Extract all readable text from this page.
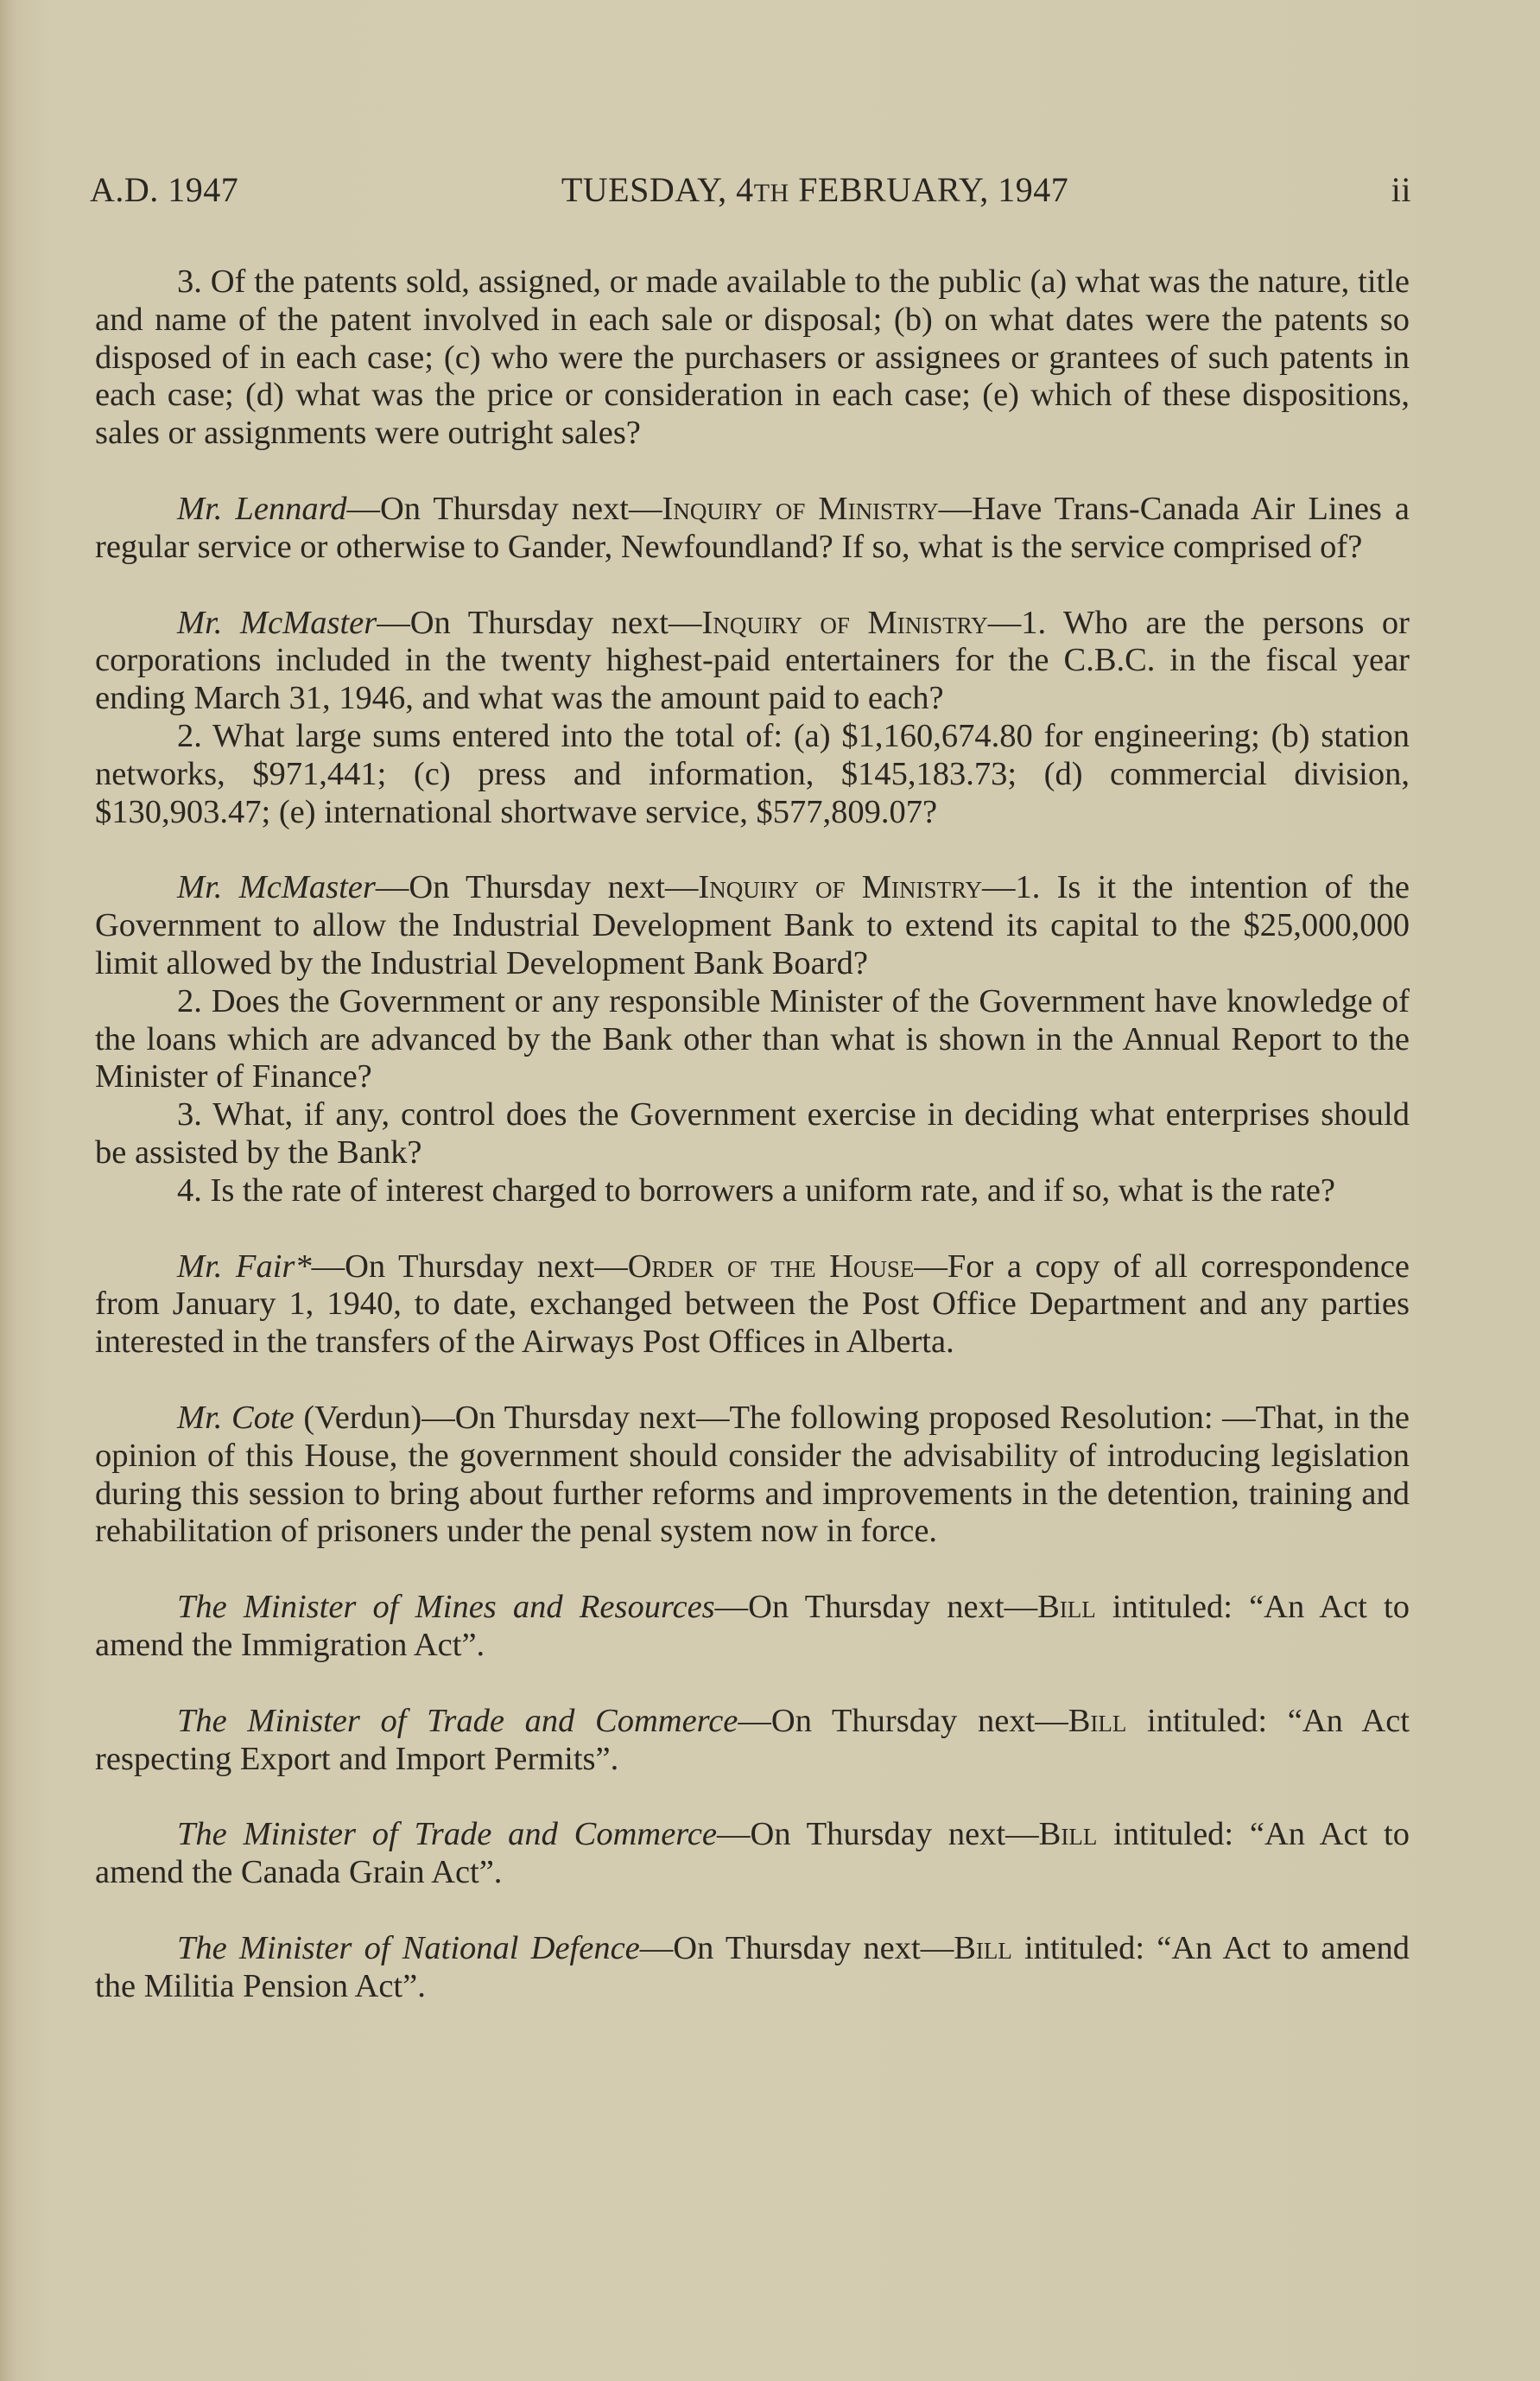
A.D. 1947	TUESDAY, 4TH FEBRUARY, 1947	ii

3. Of the patents sold, assigned, or made available to the public (a) what was the nature, title and name of the patent involved in each sale or disposal; (b) on what dates were the patents so disposed of in each case; (c) who were the purchasers or assignees or grantees of such patents in each case; (d) what was the price or consideration in each case; (e) which of these dispositions, sales or assignments were outright sales?

Mr. Lennard—On Thursday next—Inquiry of Ministry—Have Trans-Canada Air Lines a regular service or otherwise to Gander, Newfoundland? If so, what is the service comprised of?

Mr. McMaster—On Thursday next—Inquiry of Ministry—1. Who are the persons or corporations included in the twenty highest-paid entertainers for the C.B.C. in the fiscal year ending March 31, 1946, and what was the amount paid to each?

2. What large sums entered into the total of: (a) $1,160,674.80 for engineering; (b) station networks, $971,441; (c) press and information, $145,183.73; (d) commercial division, $130,903.47; (e) international shortwave service, $577,809.07?

Mr. McMaster—On Thursday next—Inquiry of Ministry—1. Is it the intention of the Government to allow the Industrial Development Bank to extend its capital to the $25,000,000 limit allowed by the Industrial Development Bank Board?

2. Does the Government or any responsible Minister of the Government have knowledge of the loans which are advanced by the Bank other than what is shown in the Annual Report to the Minister of Finance?

3. What, if any, control does the Government exercise in deciding what enterprises should be assisted by the Bank?

4. Is the rate of interest charged to borrowers a uniform rate, and if so, what is the rate?

Mr. Fair*—On Thursday next—Order of the House—For a copy of all correspondence from January 1, 1940, to date, exchanged between the Post Office Department and any parties interested in the transfers of the Airways Post Offices in Alberta.

Mr. Cote (Verdun)—On Thursday next—The following proposed Resolution: —That, in the opinion of this House, the government should consider the advisability of introducing legislation during this session to bring about further reforms and improvements in the detention, training and rehabilitation of prisoners under the penal system now in force.

The Minister of Mines and Resources—On Thursday next—Bill intituled: “An Act to amend the Immigration Act”.

The Minister of Trade and Commerce—On Thursday next—Bill intituled: “An Act respecting Export and Import Permits”.

The Minister of Trade and Commerce—On Thursday next—Bill intituled: “An Act to amend the Canada Grain Act”.

The Minister of National Defence—On Thursday next—Bill intituled: “An Act to amend the Militia Pension Act”.
